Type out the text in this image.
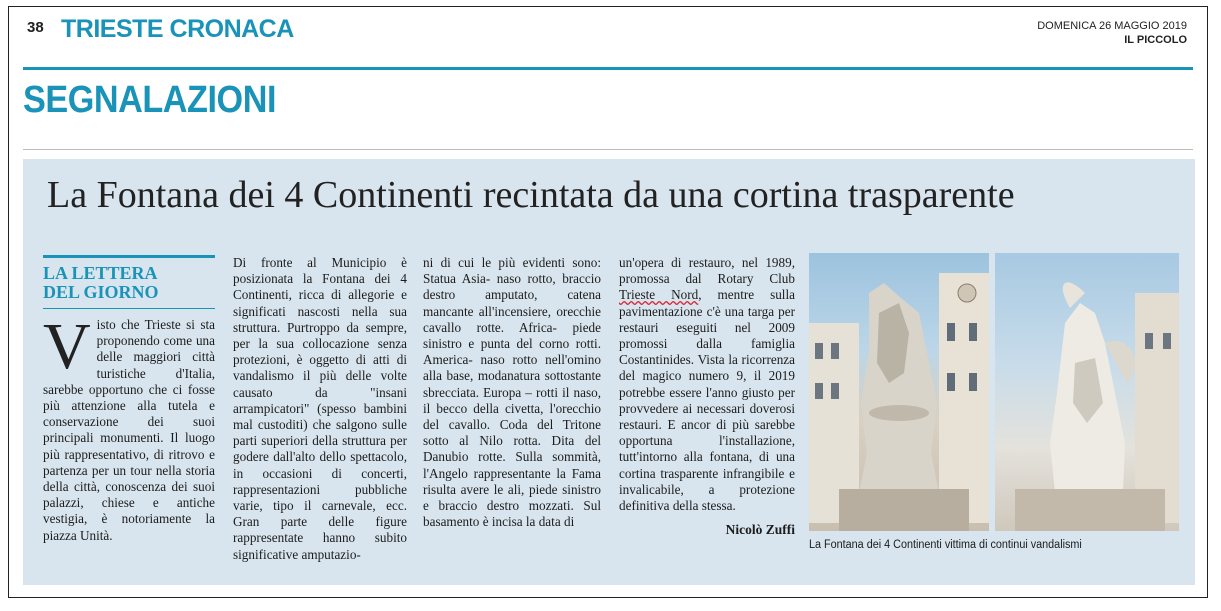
38 TRIESTE CRONACA	DOMENICA 26 MAGGIO 2019
IL PICCOLO
SEGNALAZIONI
La Fontana dei 4 Continenti recintata da una cortina trasparente
LA LETTERA
DEL GIORNO

Visto che Trieste si sta proponendo come una delle maggiori città turistiche d'Italia, sarebbe opportuno che ci fosse più attenzione alla tutela e conservazione dei suoi principali monumenti. Il luogo più rappresentativo, di ritrovo e partenza per un tour nella storia della città, conoscenza dei suoi palazzi, chiese e antiche vestigia, è notoriamente la piazza Unità.

Di fronte al Municipio è posizionata la Fontana dei 4 Continenti, ricca di allegorie e significati nascosti nella sua struttura. Purtroppo da sempre, per la sua collocazione senza protezioni, è oggetto di atti di vandalismo il più delle volte causato da "insani arrampicatori" (spesso bambini mal custoditi) che salgono sulle parti superiori della struttura per godere dall'alto dello spettacolo, in occasioni di concerti, rappresentazioni pubbliche varie, tipo il carnevale, ecc. Gran parte delle figure rappresentate hanno subito significative amputazio-

ni di cui le più evidenti sono: Statua Asia- naso rotto, braccio destro amputato, catena mancante all'incensiere, orecchie cavallo rotte. Africa- piede sinistro e punta del corno rotti. America- naso rotto nell'omino alla base, modanatura sottostante sbrecciata. Europa – rotti il naso, il becco della civetta, l'orecchio del cavallo. Coda del Tritone sotto al Nilo rotta. Dita del Danubio rotte. Sulla sommità, l'Angelo rappresentante la Fama risulta avere le ali, piede sinistro e braccio destro mozzati. Sul basamento è incisa la data di

un'opera di restauro, nel 1989, promossa dal Rotary Club Trieste Nord, mentre sulla pavimentazione c'è una targa per restauri eseguiti nel 2009 promossi dalla famiglia Costantinides. Vista la ricorrenza del magico numero 9, il 2019 potrebbe essere l'anno giusto per provvedere ai necessari doverosi restauri. E ancor di più sarebbe opportuna l'installazione, tutt'intorno alla fontana, di una cortina trasparente infrangibile e invalicabile, a protezione definitiva della stessa.

Nicolò Zuffi
La Fontana dei 4 Continenti vittima di continui vandalismi
